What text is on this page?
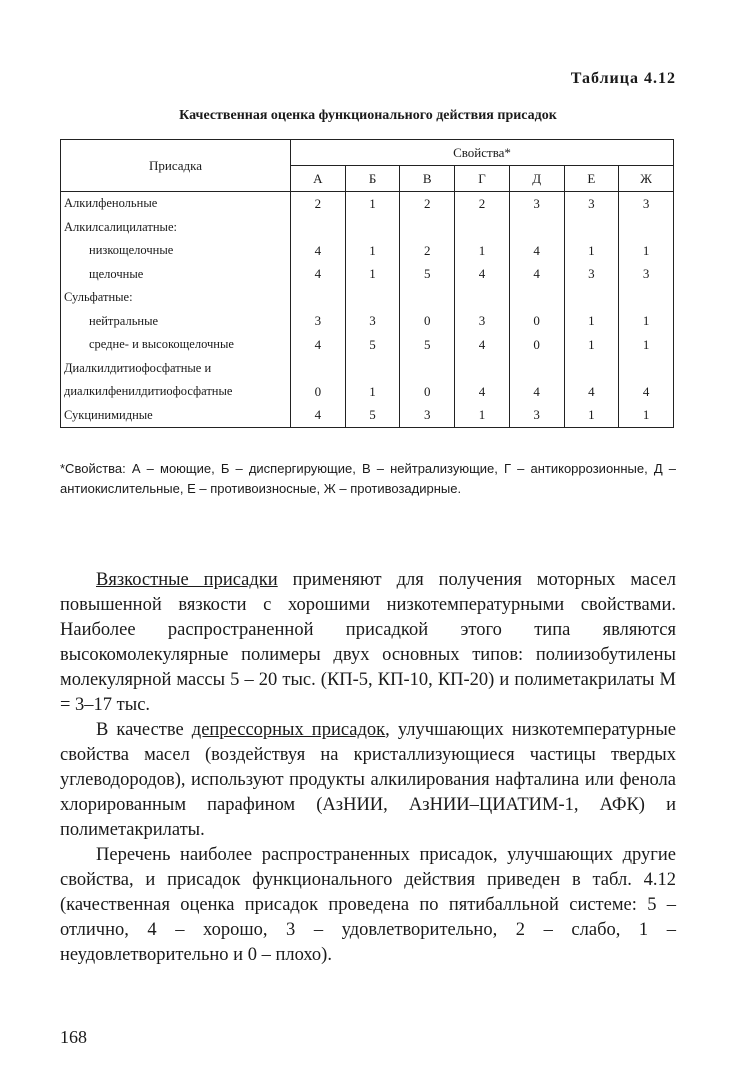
Таблица 4.12
Качественная оценка функционального действия присадок
Присадка	Свойства*						
	А	Б	В	Г	Д	Е	Ж
Алкилфенольные	2	1	2	2	3	3	3
Алкилсалицилатные:							
низкощелочные	4	1	2	1	4	1	1
щелочные	4	1	5	4	4	3	3
Сульфатные:							
нейтральные	3	3	0	3	0	1	1
средне- и высокощелочные	4	5	5	4	0	1	1
Диалкилдитиофосфатные и							
диалкилфенилдитиофосфатные	0	1	0	4	4	4	4
Сукцинимидные	4	5	3	1	3	1	1
*Свойства: А – моющие, Б – диспергирующие, В – нейтрализующие, Г – антикоррозионные, Д – антиокислительные, Е – противоизносные, Ж – противозадирные.

Вязкостные присадки применяют для получения моторных масел повышенной вязкости с хорошими низкотемпературными свойствами. Наиболее распространенной присадкой этого типа являются высокомолекулярные полимеры двух основных типов: полиизобутилены молекулярной массы 5 – 20 тыс. (КП-5, КП-10, КП-20) и полиметакрилаты М = 3–17 тыс.

В качестве депрессорных присадок, улучшающих низкотемпературные свойства масел (воздействуя на кристаллизующиеся частицы твердых углеводородов), используют продукты алкилирования нафталина или фенола хлорированным парафином (АзНИИ, АзНИИ–ЦИАТИМ-1, АФК) и полиметакрилаты.

Перечень наиболее распространенных присадок, улучшающих другие свойства, и присадок функционального действия приведен в табл. 4.12 (качественная оценка присадок проведена по пятибалльной системе: 5 – отлично, 4 – хорошо, 3 – удовлетворительно, 2 – слабо, 1 – неудовлетворительно и 0 – плохо).

168
